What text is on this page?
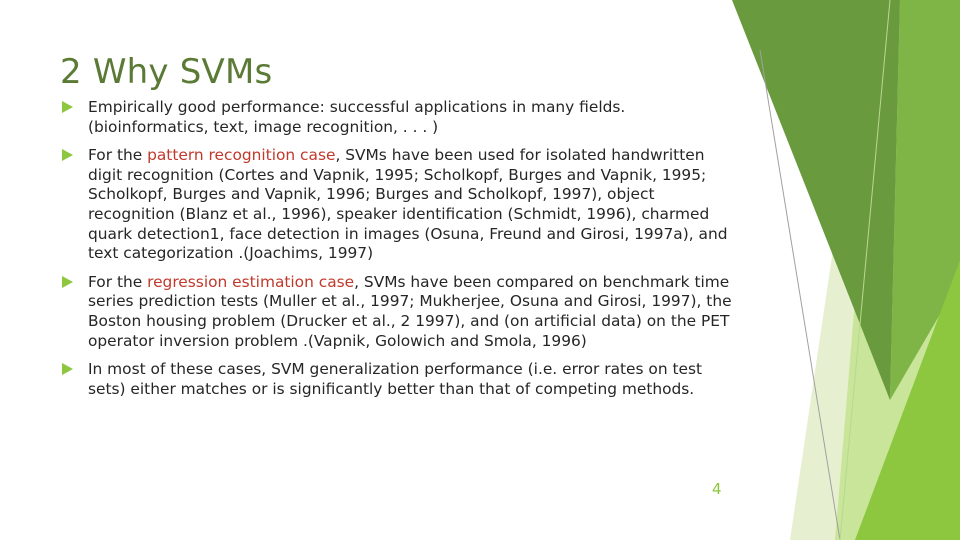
2 Why SVMs
Empirically good performance: successful applications in many fields. (bioinformatics, text, image recognition, . . . )
For the pattern recognition case, SVMs have been used for isolated handwritten digit recognition (Cortes and Vapnik, 1995; Scholkopf, Burges and Vapnik, 1995; Scholkopf, Burges and Vapnik, 1996; Burges and Scholkopf, 1997), object recognition (Blanz et al., 1996), speaker identification (Schmidt, 1996), charmed quark detection1, face detection in images (Osuna, Freund and Girosi, 1997a), and text categorization .(Joachims, 1997)
For the regression estimation case, SVMs have been compared on benchmark time series prediction tests (Muller et al., 1997; Mukherjee, Osuna and Girosi, 1997), the Boston housing problem (Drucker et al., 2 1997), and (on artificial data) on the PET operator inversion problem .(Vapnik, Golowich and Smola, 1996)
In most of these cases, SVM generalization performance (i.e. error rates on test sets) either matches or is significantly better than that of competing methods.
4
